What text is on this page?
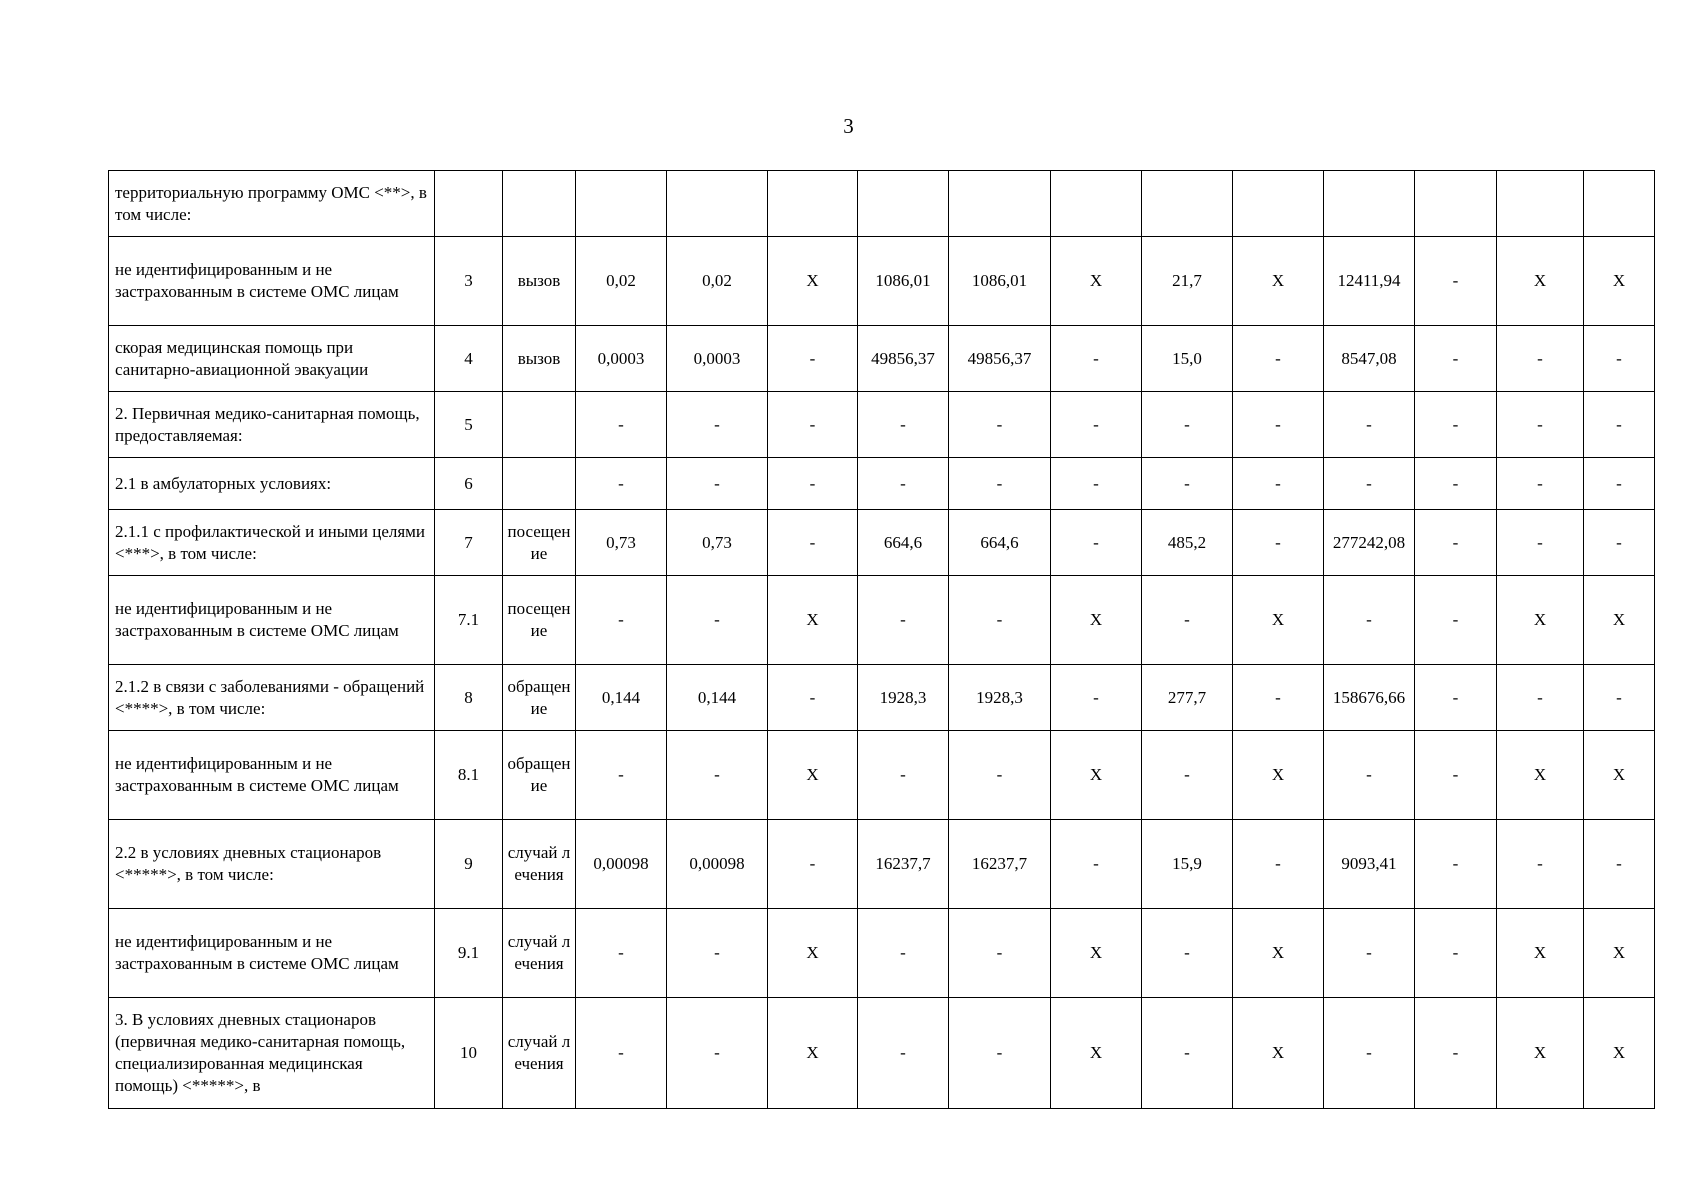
3
территориальную программу ОМС <**>, в том числе:														
не идентифицированным и не застрахованным в системе ОМС лицам	3	вызов	0,02	0,02	Х	1086,01	1086,01	Х	21,7	Х	12411,94	-	Х	Х
скорая медицинская помощь при санитарно-авиационной эвакуации	4	вызов	0,0003	0,0003	-	49856,37	49856,37	-	15,0	-	8547,08	-	-	-
2. Первичная медико-санитарная помощь, предоставляемая:	5		-	-	-	-	-	-	-	-	-	-	-	-
2.1 в амбулаторных условиях:	6		-	-	-	-	-	-	-	-	-	-	-	-
2.1.1 с профилактической и иными целями <***>, в том числе:	7	посещение	0,73	0,73	-	664,6	664,6	-	485,2	-	277242,08	-	-	-
не идентифицированным и не застрахованным в системе ОМС лицам	7.1	посещение	-	-	Х	-	-	Х	-	Х	-	-	Х	Х
2.1.2 в связи с заболеваниями - обращений <****>, в том числе:	8	обращение	0,144	0,144	-	1928,3	1928,3	-	277,7	-	158676,66	-	-	-
не идентифицированным и не застрахованным в системе ОМС лицам	8.1	обращение	-	-	Х	-	-	Х	-	Х	-	-	Х	Х
2.2 в условиях дневных стационаров <*****>, в том числе:	9	случай лечения	0,00098	0,00098	-	16237,7	16237,7	-	15,9	-	9093,41	-	-	-
не идентифицированным и не застрахованным в системе ОМС лицам	9.1	случай лечения	-	-	Х	-	-	Х	-	Х	-	-	Х	Х
3. В условиях дневных стационаров (первичная медико-санитарная помощь, специализированная медицинская помощь) <*****>, в	10	случай лечения	-	-	Х	-	-	Х	-	Х	-	-	Х	Х
